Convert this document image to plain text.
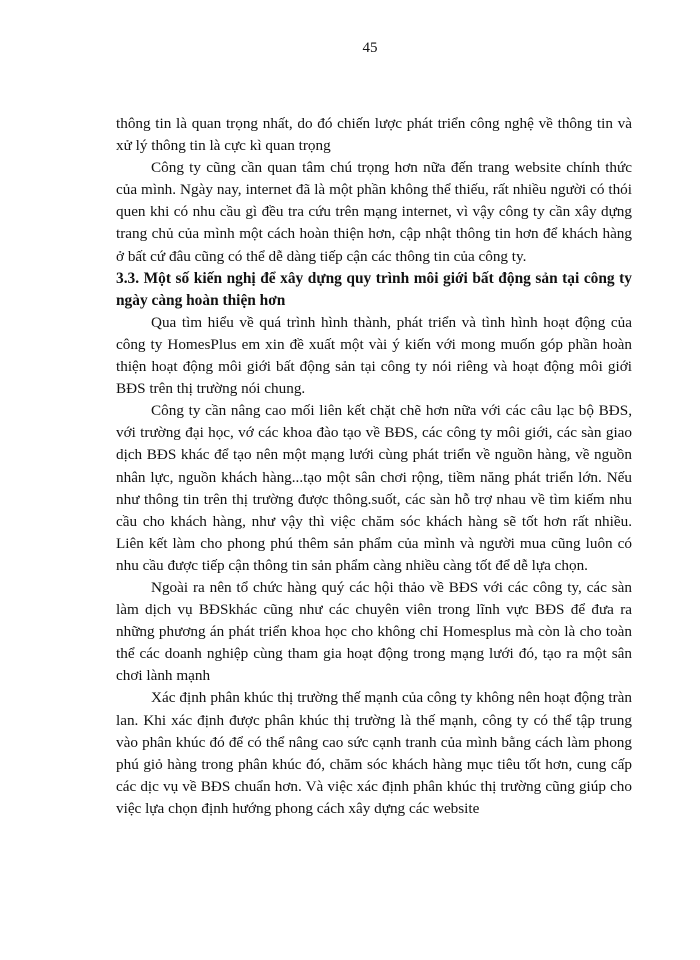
45

thông tin là quan trọng nhất, do đó chiến lược phát triển công nghệ về thông tin và xử lý thông tin là cực kì quan trọng

Công ty cũng cần quan tâm chú trọng hơn nữa đến trang website chính thức của mình. Ngày nay, internet đã là một phần không thể thiếu, rất nhiều người có thói quen khi có nhu cầu gì đều tra cứu trên mạng internet, vì vậy công ty cần xây dựng trang chủ của mình một cách hoàn thiện hơn, cập nhật thông tin hơn để khách hàng ở bất cứ đâu cũng có thể dễ dàng tiếp cận các thông tin của công ty.

3.3. Một số kiến nghị để xây dựng quy trình môi giới bất động sản tại công ty ngày càng hoàn thiện hơn

Qua tìm hiểu về quá trình hình thành, phát triển và tình hình hoạt động của công ty HomesPlus em xin đề xuất một vài ý kiến với mong muốn góp phần hoàn thiện hoạt động môi giới bất động sản tại công ty nói riêng và hoạt động môi giới BĐS trên thị trường nói chung.

Công ty cần nâng cao mối liên kết chặt chẽ hơn nữa với các câu lạc bộ BĐS, với trường đại học, vớ các khoa đào tạo về BĐS, các công ty môi giới, các sàn giao dịch BĐS khác để tạo nên một mạng lưới cùng phát triển về nguồn hàng, về nguồn nhân lực, nguồn khách hàng...tạo một sân chơi rộng, tiềm năng phát triển lớn. Nếu như thông tin trên thị trường được thông.suốt, các sàn hỗ trợ nhau về tìm kiếm nhu cầu cho khách hàng, như vậy thì việc chăm sóc khách hàng sẽ tốt hơn rất nhiều. Liên kết làm cho phong phú thêm sản phẩm của mình và người mua cũng luôn có nhu cầu được tiếp cận thông tin sản phẩm càng nhiều càng tốt để dễ lựa chọn.

Ngoài ra nên tổ chức hàng quý các hội thảo về BĐS với các công ty, các sàn làm dịch vụ BĐSkhác cũng như các chuyên viên trong lĩnh vực BĐS để đưa ra những phương án phát triển khoa học cho không chỉ Homesplus mà còn là cho toàn thể các doanh nghiệp cùng tham gia hoạt động trong mạng lưới đó, tạo ra một sân chơi lành mạnh

Xác định phân khúc thị trường thế mạnh của công ty không nên hoạt động tràn lan. Khi xác định được phân khúc thị trường là thế mạnh, công ty có thể tập trung vào phân khúc đó để có thể nâng cao sức cạnh tranh của mình bằng cách làm phong phú giỏ hàng trong phân khúc đó, chăm sóc khách hàng mục tiêu tốt hơn, cung cấp các dịc vụ về BĐS chuẩn hơn. Và việc xác định phân khúc thị trường cũng giúp cho việc lựa chọn định hướng phong cách xây dựng các website
